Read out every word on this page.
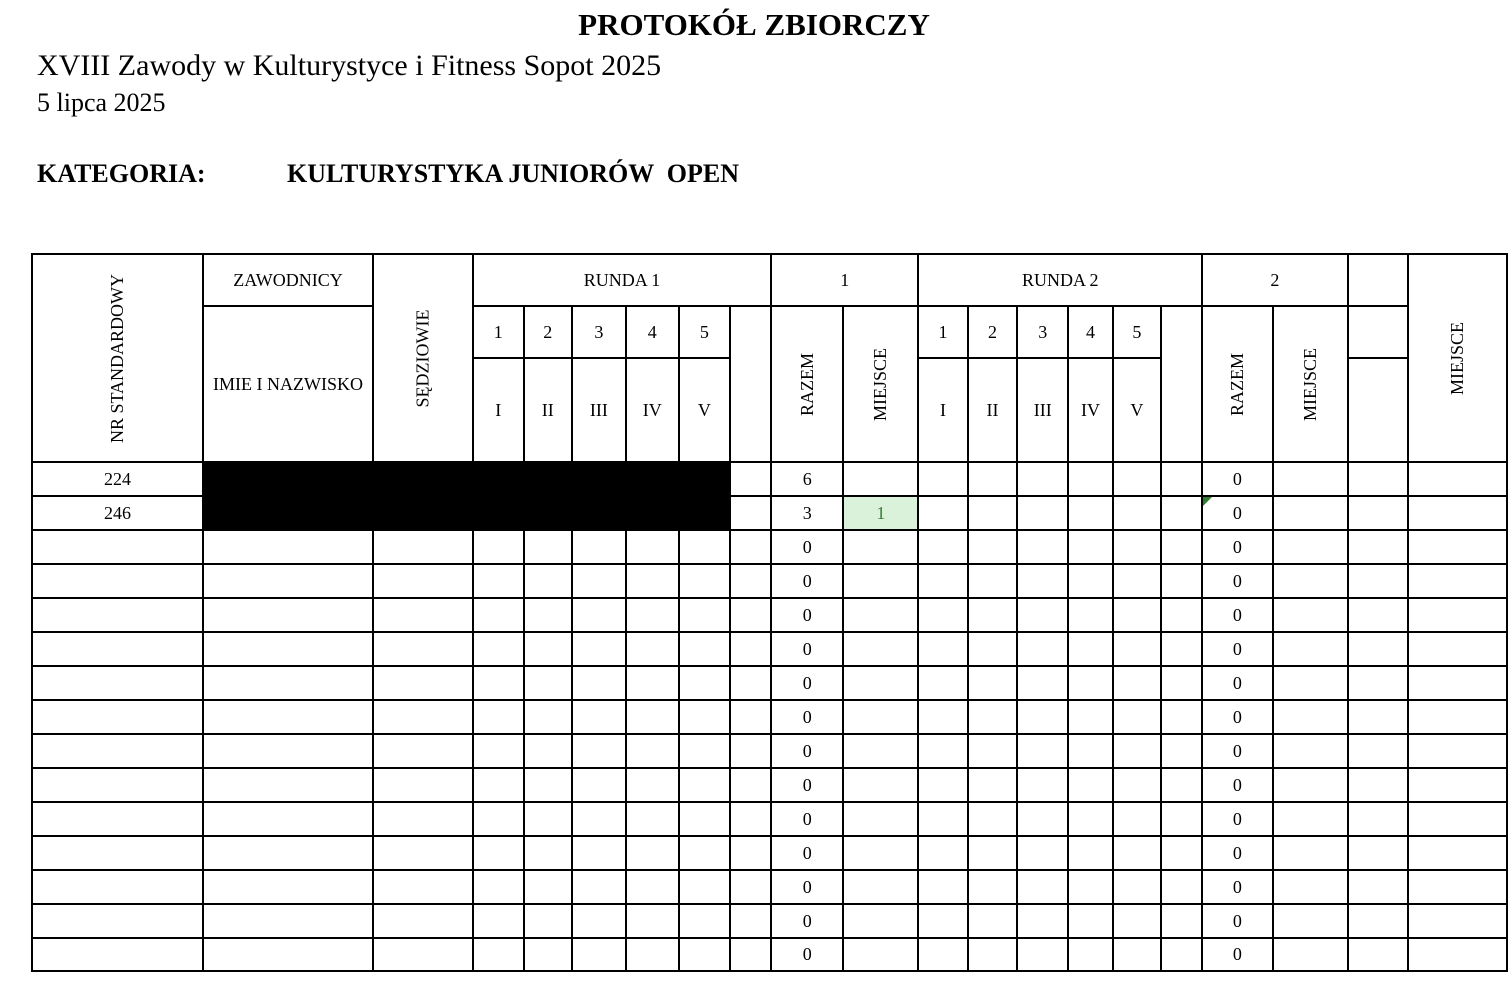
PROTOKÓŁ ZBIORCZY
XVIII Zawody w Kulturystyce i Fitness Sopot 2025
5 lipca 2025
KATEGORIA:	KULTURYSTYKA JUNIORÓW  OPEN
NR STANDARDOWY	ZAWODNICY	SĘDZIOWIE	RUNDA 1						1		RUNDA 2						2			MIEJSCE
	IMIE I NAZWISKO		1	2	3	4	5		RAZEM	MIEJSCE	1	2	3	4	5		RAZEM	MIEJSCE		
			I	II	III	IV	V				I	II	III	IV	V					
224									6								0			
246									3	1							0			
									0								0			
									0								0			
									0								0			
									0								0			
									0								0			
									0								0			
									0								0			
									0								0			
									0								0			
									0								0			
									0								0			
									0								0			
									0								0			
